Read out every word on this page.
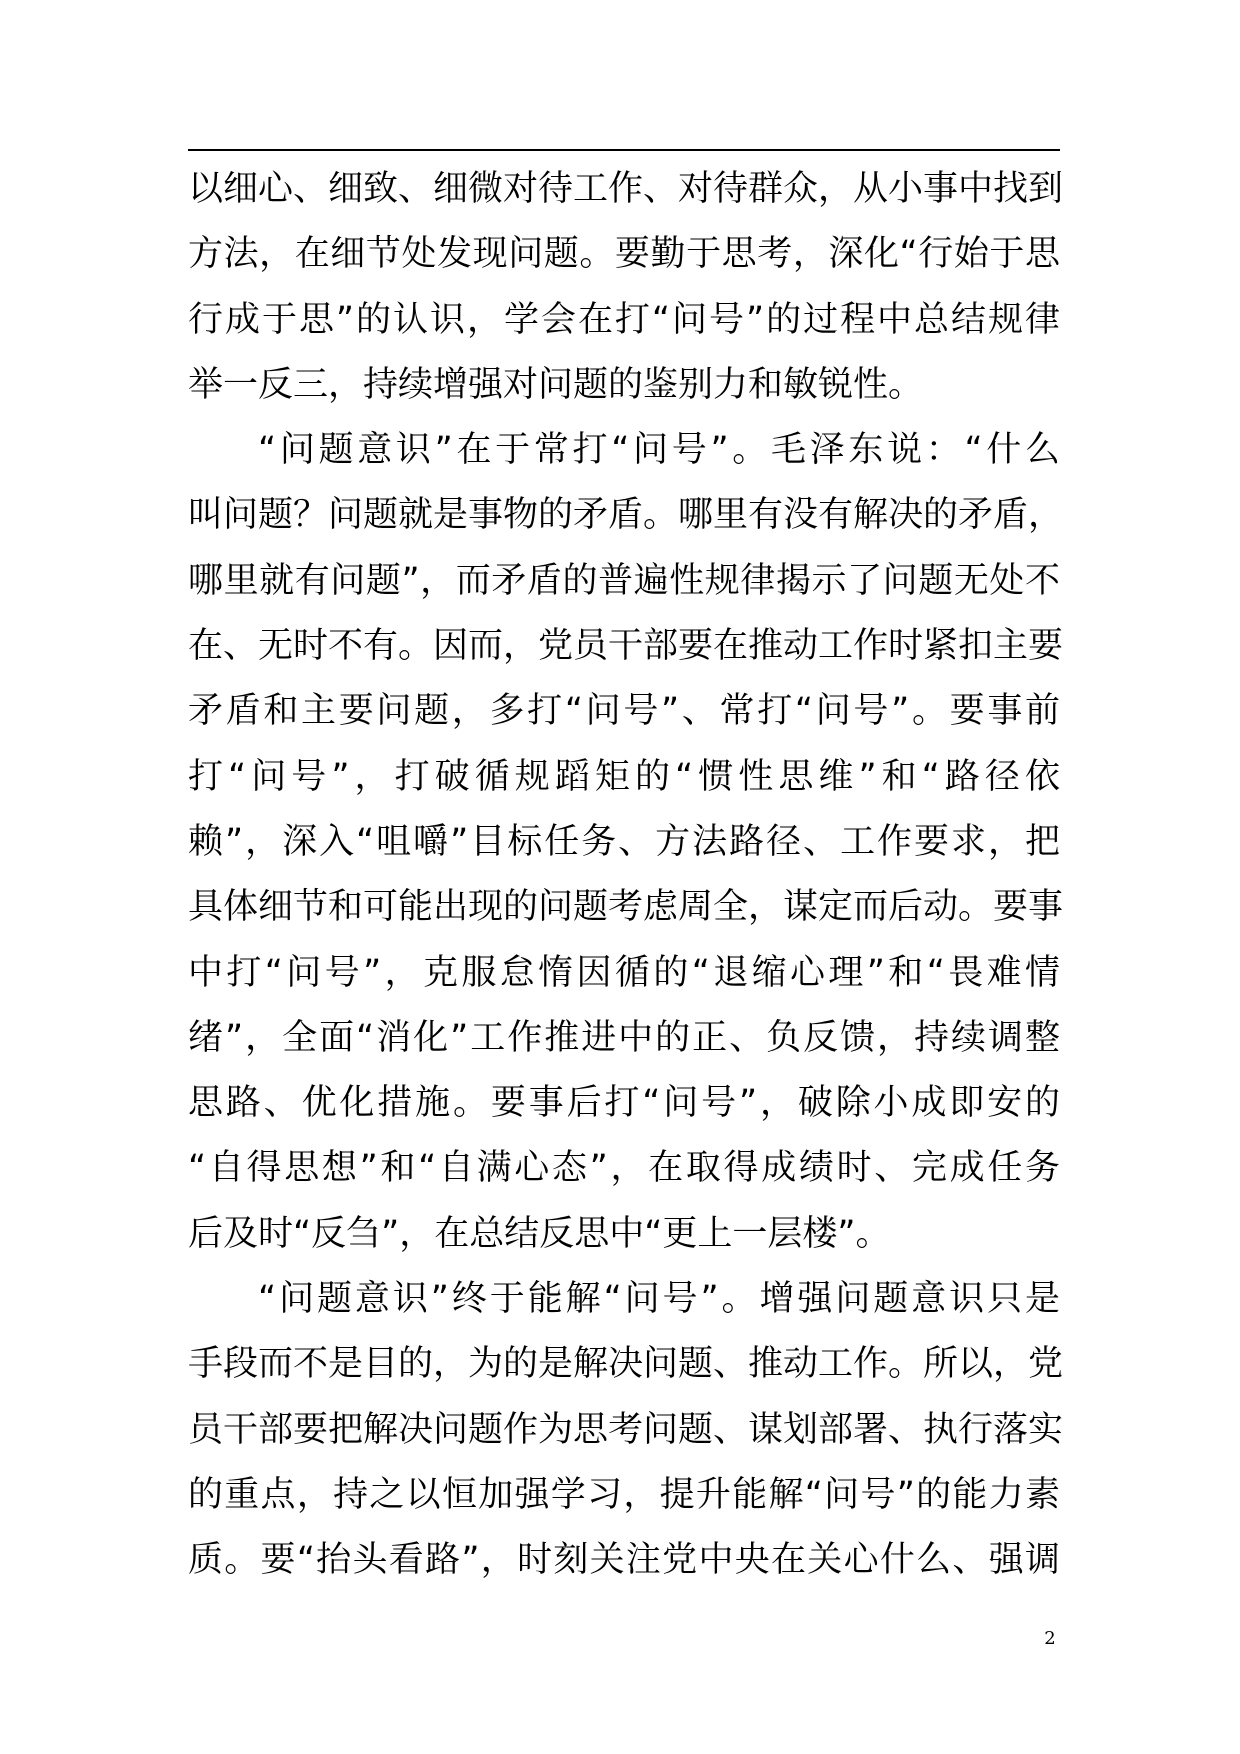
以细心、细致、细微对待工作、对待群众，从小事中找到
方法，在细节处发现问题。要勤于思考，深化“行始于思
行成于思”的认识，学会在打“问号”的过程中总结规律
举一反三，持续增强对问题的鉴别力和敏锐性。
“问题意识”在于常打“问号”。毛泽东说：“什么
叫问题？问题就是事物的矛盾。哪里有没有解决的矛盾，
哪里就有问题”，而矛盾的普遍性规律揭示了问题无处不
在、无时不有。因而，党员干部要在推动工作时紧扣主要
矛盾和主要问题，多打“问号”、常打“问号”。要事前
打“问号”，打破循规蹈矩的“惯性思维”和“路径依
赖”，深入“咀嚼”目标任务、方法路径、工作要求，把
具体细节和可能出现的问题考虑周全，谋定而后动。要事
中打“问号”，克服怠惰因循的“退缩心理”和“畏难情
绪”，全面“消化”工作推进中的正、负反馈，持续调整
思路、优化措施。要事后打“问号”，破除小成即安的
“自得思想”和“自满心态”，在取得成绩时、完成任务
后及时“反刍”，在总结反思中“更上一层楼”。
“问题意识”终于能解“问号”。增强问题意识只是
手段而不是目的，为的是解决问题、推动工作。所以，党
员干部要把解决问题作为思考问题、谋划部署、执行落实
的重点，持之以恒加强学习，提升能解“问号”的能力素
质。要“抬头看路”，时刻关注党中央在关心什么、强调
2
